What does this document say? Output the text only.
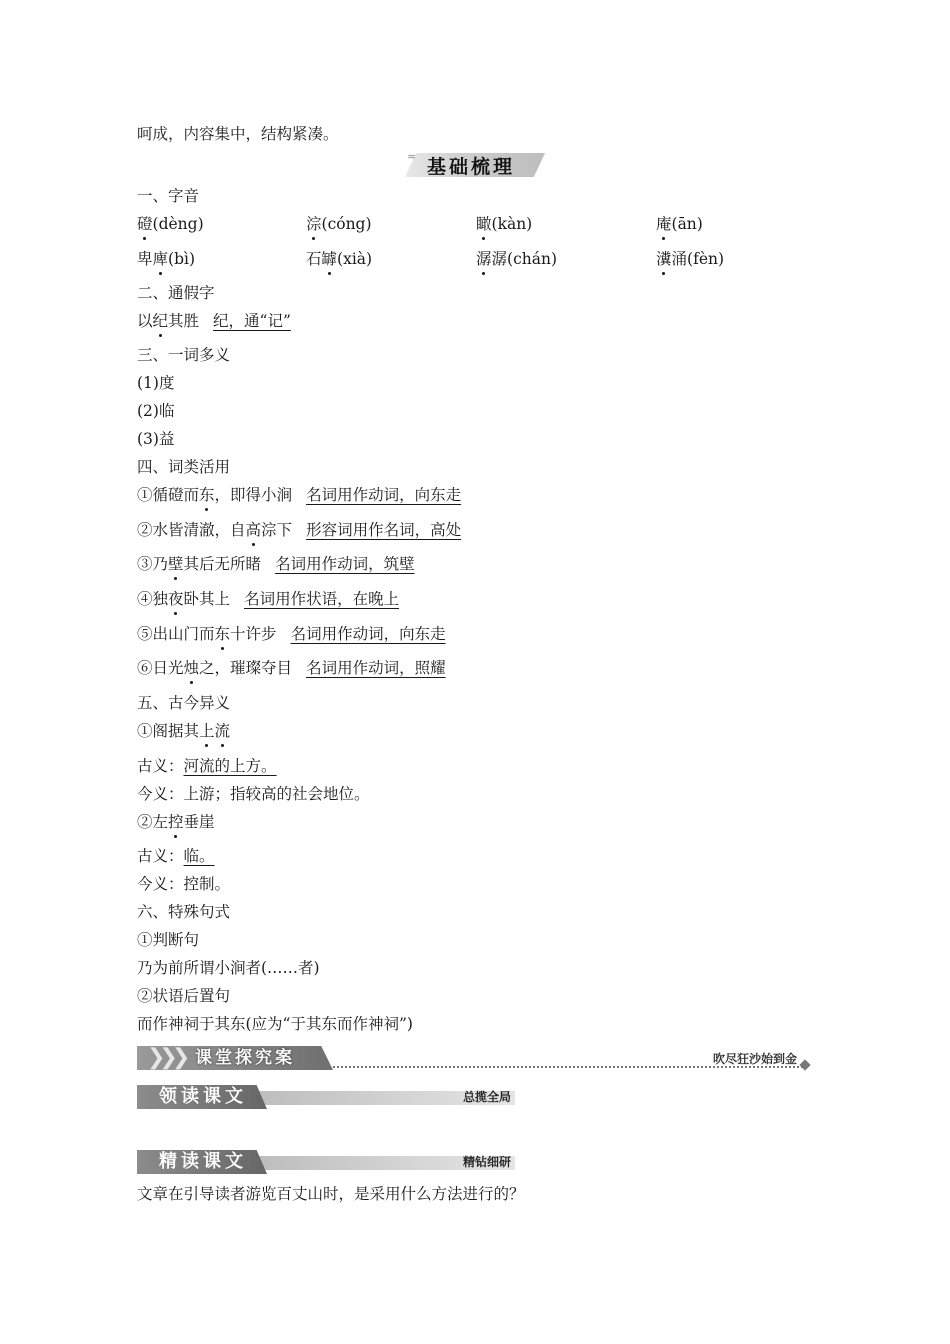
呵成，内容集中，结构紧凑。
≈ 基础梳理
一、字音
磴(dèng)	淙(cóng)	瞰(kàn)	庵(ān)
卑庳(bì)	石罅(xià)	潺潺(chán)	瀵涌(fèn)
二、通假字
以纪其胜 纪，通“记”
三、一词多义
(1)度
(2)临
(3)益
四、词类活用
①循磴而东，即得小涧 名词用作动词，向东走
②水皆清澈，自高淙下 形容词用作名词，高处
③乃壁其后无所睹 名词用作动词，筑壁
④独夜卧其上 名词用作状语，在晚上
⑤出山门而东十许步 名词用作动词，向东走
⑥日光烛之，璀璨夺目 名词用作动词，照耀
五、古今异义
①阁据其上流
古义：河流的上方。
今义：上游；指较高的社会地位。
②左控垂崖
古义：临。
今义：控制。
六、特殊句式
①判断句
乃为前所谓小涧者(……者)
②状语后置句
而作神祠于其东(应为“于其东而作神祠”)
❯❯❯ 课堂探究案	吹尽狂沙始到金
领读课文	总揽全局
精读课文	精钻细研
文章在引导读者游览百丈山时，是采用什么方法进行的？
